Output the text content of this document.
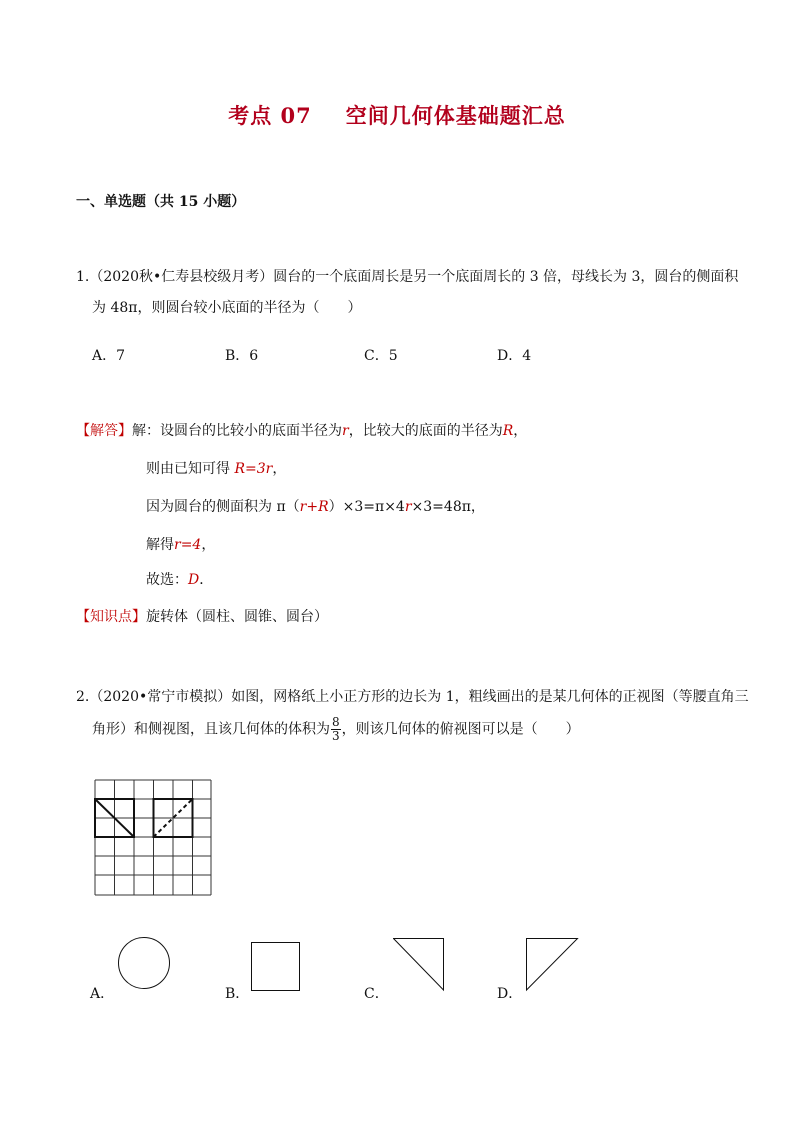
考点 07 空间几何体基础题汇总
一、单选题（共 15 小题）
1.（2020秋•仁寿县校级月考）圆台的一个底面周长是另一个底面周长的 3 倍，母线长为 3，圆台的侧面积
为 48π，则圆台较小底面的半径为（　　）
A．7	B．6	C．5	D．4
【解答】解：设圆台的比较小的底面半径为r，比较大的底面的半径为R，
则由已知可得 R=3r，
因为圆台的侧面积为 π（r+R）×3=π×4r×3=48π，
解得r=4，
故选：D．
【知识点】旋转体（圆柱、圆锥、圆台）
2.（2020•常宁市模拟）如图，网格纸上小正方形的边长为 1，粗线画出的是某几何体的正视图（等腰直角三
角形）和侧视图，且该几何体的体积为 $\frac{8}{3}$ ，则该几何体的俯视图可以是（　　）
A．	B．	C．	D．
